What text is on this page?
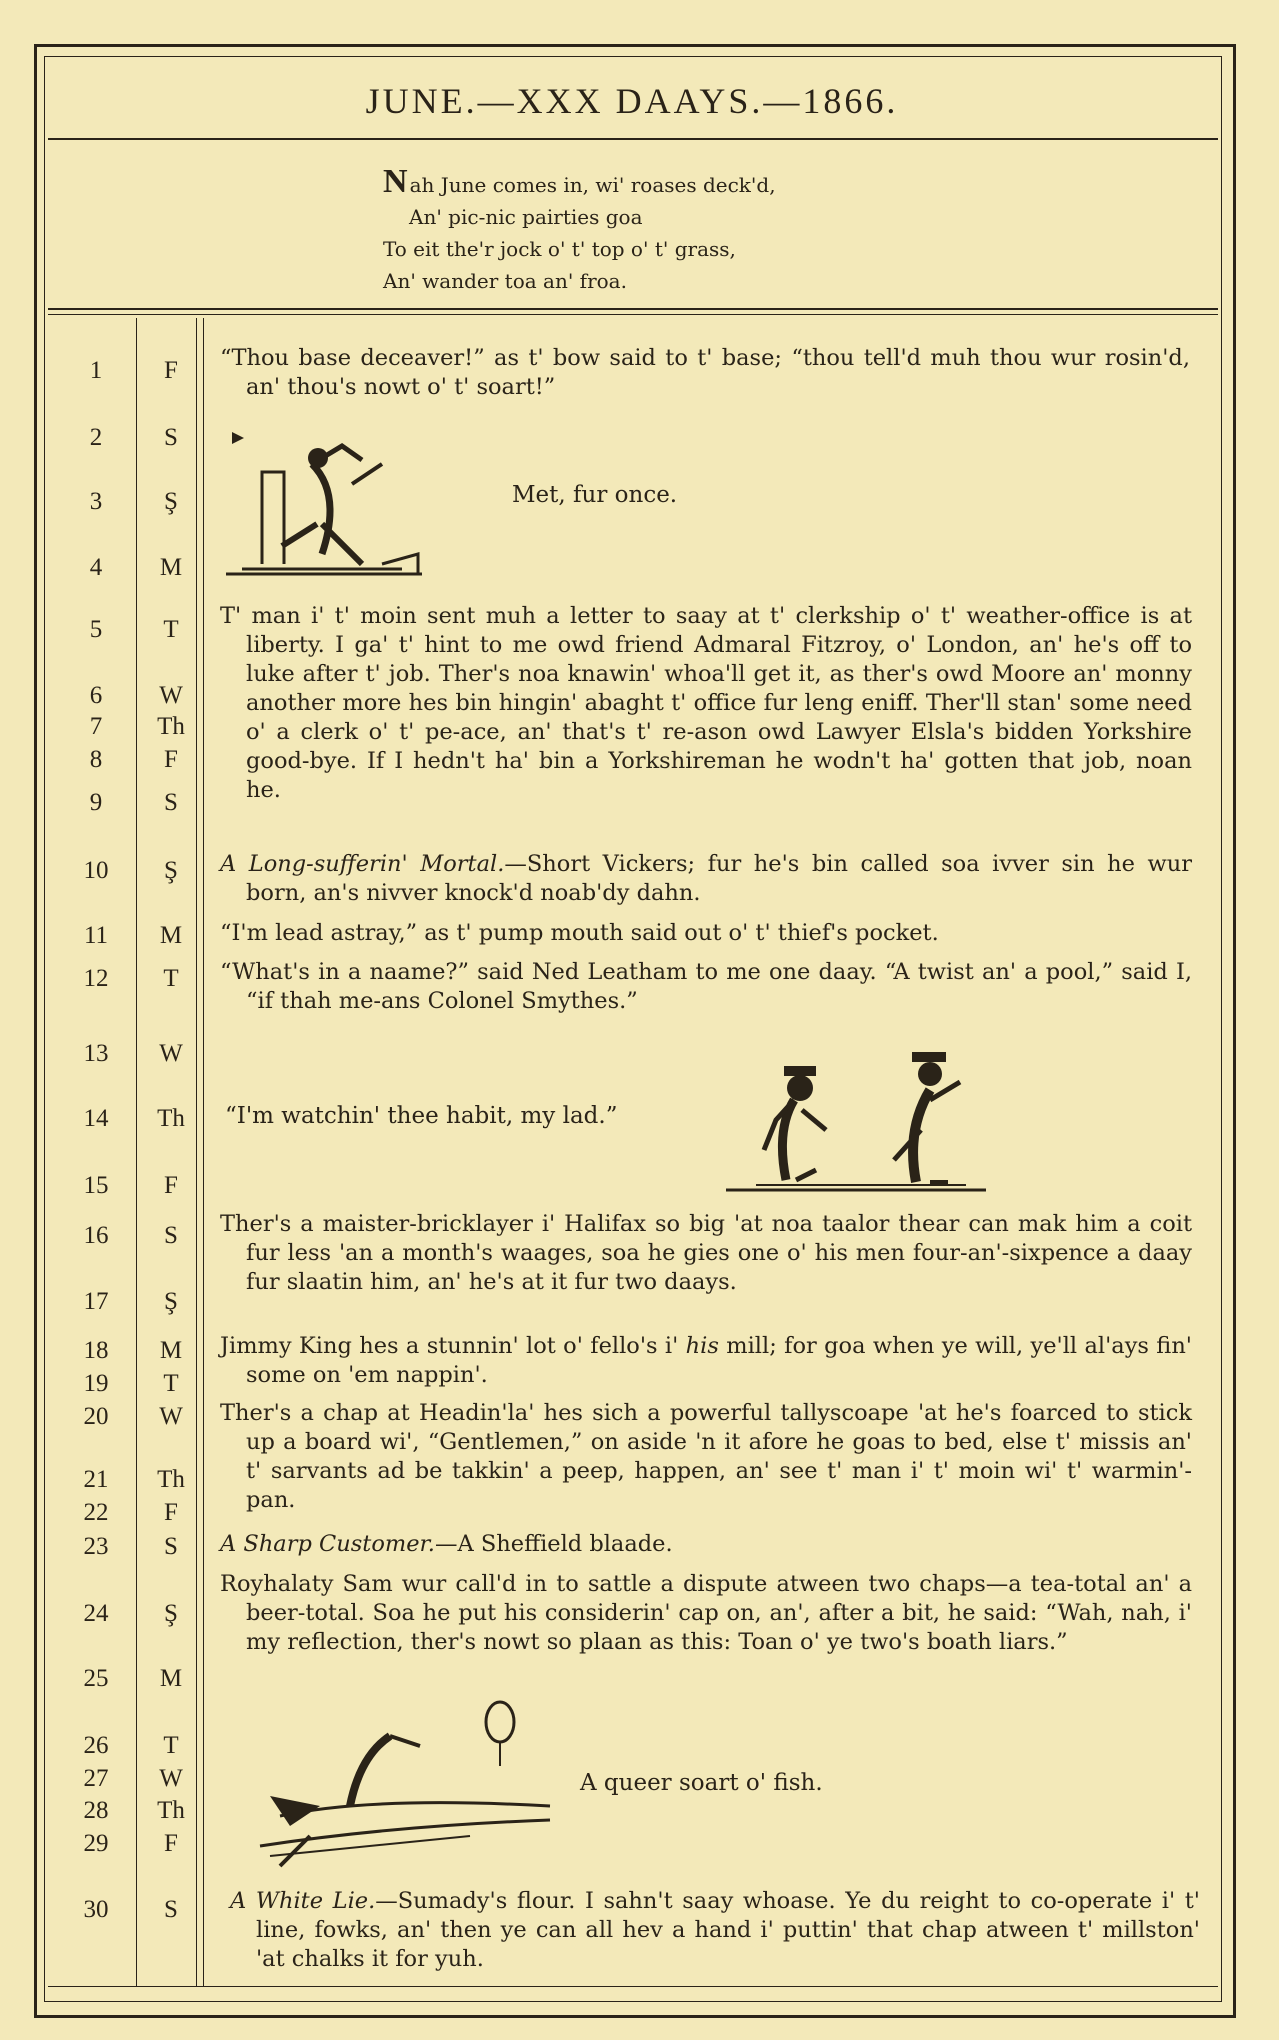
JUNE.—XXX DAAYS.—1866.
Nah June comes in, wi' roases deck'd,
An' pic-nic pairties goa
To eit the'r jock o' t' top o' t' grass,
An' wander toa an' froa.
1	F
2	S
3	Ş
4	M
5	T
6	W
7	Th
8	F
9	S
10	Ş
11	M
12	T
13	W
14	Th
15	F
16	S
17	Ş
18	M
19	T
20	W
21	Th
22	F
23	S
24	Ş
25	M
26	T
27	W
28	Th
29	F
30	S
“Thou base deceaver!” as t' bow said to t' base; “thou tell'd muh thou wur rosin'd, an' thou's nowt o' t' soart!”
Met, fur once.
T' man i' t' moin sent muh a letter to saay at t' clerkship o' t' weather-office is at liberty. I ga' t' hint to me owd friend Admaral Fitzroy, o' London, an' he's off to luke after t' job. Ther's noa knawin' whoa'll get it, as ther's owd Moore an' monny another more hes bin hingin' abaght t' office fur leng eniff. Ther'll stan' some need o' a clerk o' t' pe-ace, an' that's t' re-ason owd Lawyer Elsla's bidden Yorkshire good-bye. If I hedn't ha' bin a Yorkshireman he wodn't ha' gotten that job, noan he.
A Long-sufferin' Mortal.—Short Vickers; fur he's bin called soa ivver sin he wur born, an's nivver knock'd noab'dy dahn.
“I'm lead astray,” as t' pump mouth said out o' t' thief's pocket.
“What's in a naame?” said Ned Leatham to me one daay. “A twist an' a pool,” said I, “if thah me-ans Colonel Smythes.”
“I'm watchin' thee habit, my lad.”
Ther's a maister-bricklayer i' Halifax so big 'at noa taalor thear can mak him a coit fur less 'an a month's waages, soa he gies one o' his men four-an'-sixpence a daay fur slaatin him, an' he's at it fur two daays.
Jimmy King hes a stunnin' lot o' fello's i' his mill; for goa when ye will, ye'll al'ays fin' some on 'em nappin'.
Ther's a chap at Headin'la' hes sich a powerful tallyscoape 'at he's foarced to stick up a board wi', “Gentlemen,” on aside 'n it afore he goas to bed, else t' missis an' t' sarvants ad be takkin' a peep, happen, an' see t' man i' t' moin wi' t' warmin'-pan.
A Sharp Customer.—A Sheffield blaade.
Royhalaty Sam wur call'd in to sattle a dispute atween two chaps—a tea-total an' a beer-total. Soa he put his considerin' cap on, an', after a bit, he said: “Wah, nah, i' my reflection, ther's nowt so plaan as this: Toan o' ye two's boath liars.”
A queer soart o' fish.
A White Lie.—Sumady's flour. I sahn't saay whoase. Ye du reight to co-operate i' t' line, fowks, an' then ye can all hev a hand i' puttin' that chap atween t' millston' 'at chalks it for yuh.
